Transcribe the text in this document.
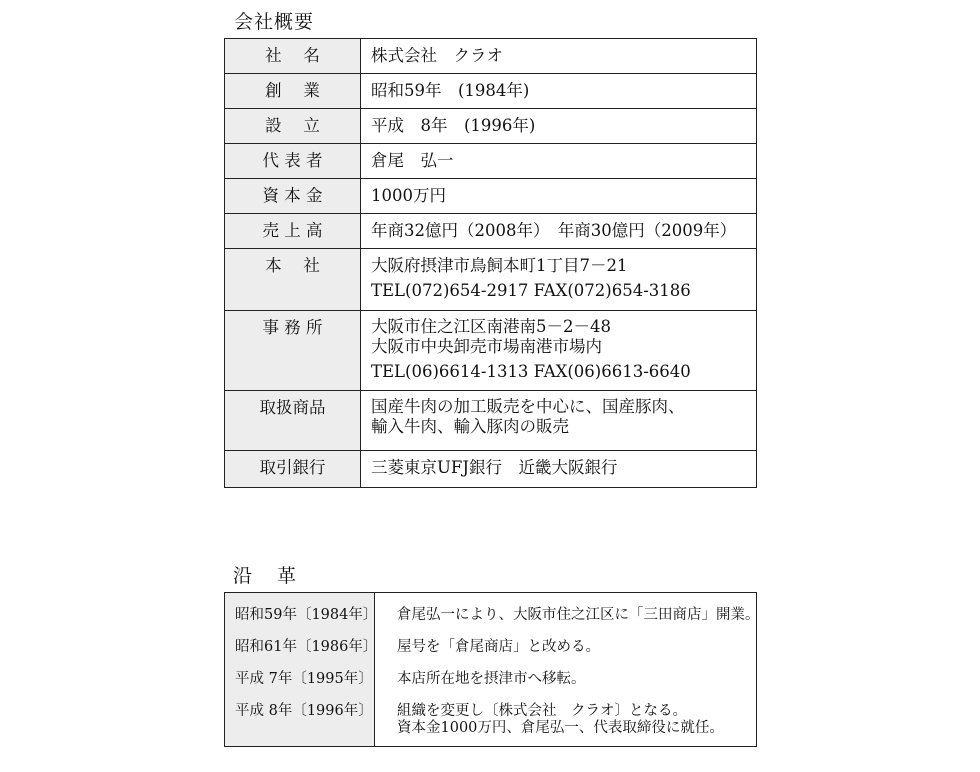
会社概要
社　 名	株式会社　クラオ

創　 業	昭和59年　(1984年)

設　 立	平成　8年　(1996年)

代 表 者	倉尾　弘一

資 本 金	1000万円

売 上 高	年商32億円（2008年）　年商30億円（2009年）

本　 社	大阪府摂津市鳥飼本町1丁目7－21
TEL(072)654-2917 FAX(072)654-3186

事 務 所	大阪市住之江区南港南5－2－48
大阪市中央卸売市場南港市場内
TEL(06)6614-1313 FAX(06)6613-6640

取扱商品	国産牛肉の加工販売を中心に、国産豚肉、
輸入牛肉、輸入豚肉の販売

取引銀行	三菱東京UFJ銀行　近畿大阪銀行
沿　 革
昭和59年〔1984年〕 倉尾弘一により、大阪市住之江区に「三田商店」開業。
昭和61年〔1986年〕 屋号を「倉尾商店」と改める。
平成 7年〔1995年〕 本店所在地を摂津市へ移転。
平成 8年〔1996年〕 組織を変更し〔株式会社　クラオ〕となる。
資本金1000万円、倉尾弘一、代表取締役に就任。
